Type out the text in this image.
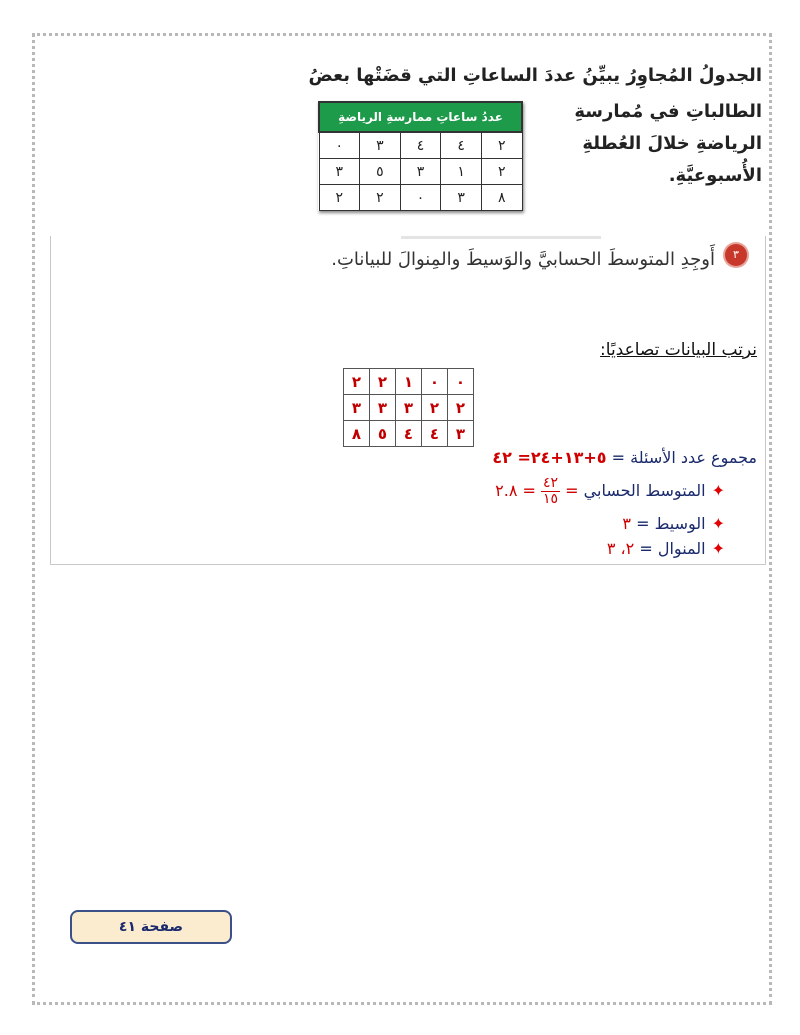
الجدولُ المُجاوِرُ يبيِّنُ عددَ الساعاتِ التي قضَتْها بعضُ
الطالباتِ في مُمارسةِ الرياضةِ خلالَ العُطلةِ الأُسبوعيَّةِ.
عددُ ساعاتِ ممارسةِ الرياضةِ				
٢	٤	٤	٣	٠
٢	١	٣	٥	٣
٨	٣	٠	٢	٢
٣
أَوجِدِ المتوسطَ الحسابيَّ والوَسيطَ والمِنوالَ للبياناتِ.
نرتب البيانات تصاعديًا:
٠	٠	١	٢	٢
٢	٢	٣	٣	٣
٣	٤	٤	٥	٨
مجموع عدد الأسئلة = ٥+١٣+٢٤= ٤٢
✦المتوسط الحسابي =
$\frac{٤٢}{١٥}$
= ٢.٨
✦الوسيط = ٣
✦المنوال = ٢، ٣
صفحة ٤١
